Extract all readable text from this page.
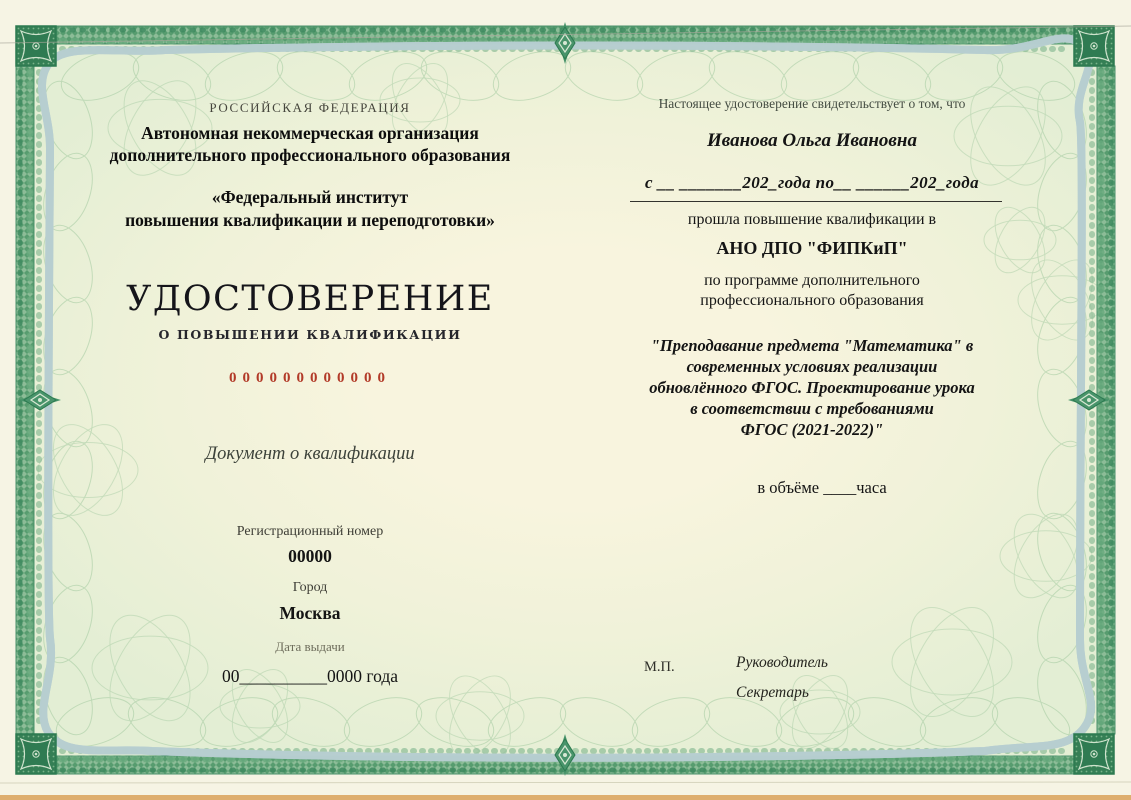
РОССИЙСКАЯ ФЕДЕРАЦИЯ
Автономная некоммерческая организация
дополнительного профессионального образования
«Федеральный институт
повышения квалификации и переподготовки»
УДОСТОВЕРЕНИЕ
О ПОВЫШЕНИИ КВАЛИФИКАЦИИ
000000000000
Документ о квалификации
Регистрационный номер
00000
Город
Москва
Дата выдачи
00__________0000 года
Настоящее удостоверение свидетельствует о том, что
Иванова Ольга Ивановна
с __ _______202_года по__ ______202_года
прошла повышение квалификации в
АНО ДПО "ФИПКиП"
по программе дополнительного
профессионального образования
"Преподавание предмета "Математика" в
современных условиях реализации
обновлённого ФГОС. Проектирование урока
в соответствии с требованиями
ФГОС (2021-2022)"
в объёме ____часа
М.П.	Руководитель
Секретарь
